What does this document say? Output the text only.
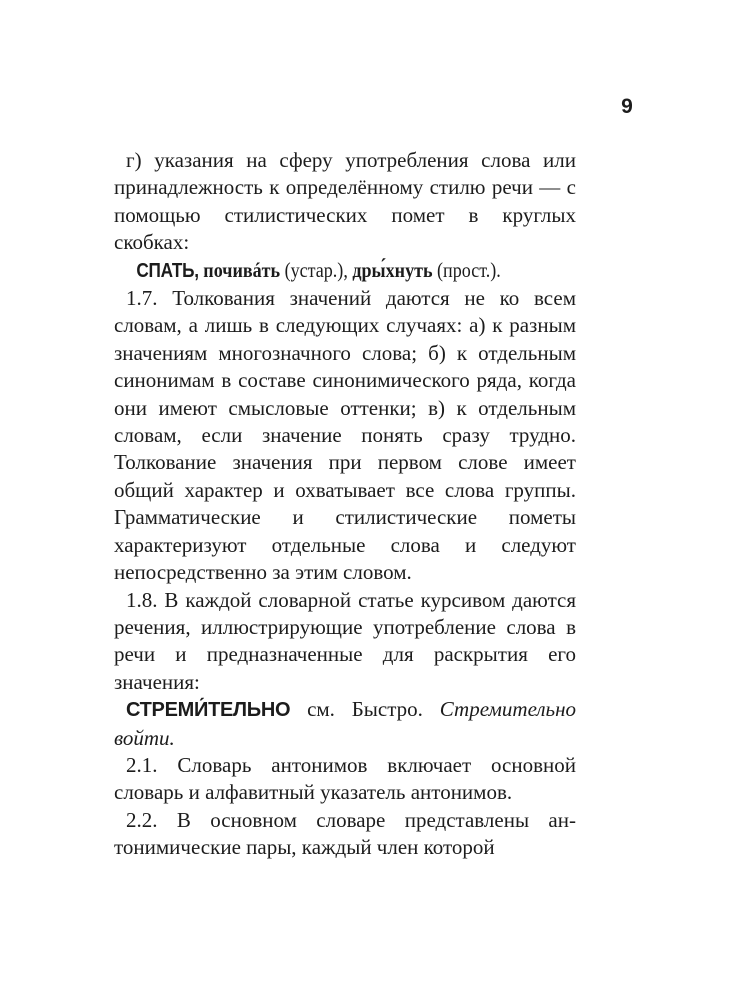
9

г) указания на сферу употребления слова или принадлежность к определённому стилю речи — с помощью стилистических помет в круглых скобках:

СПАТЬ, почивáть (устар.), дры́хнуть (прост.).

1.7. Толкования значений даются не ко всем словам, а лишь в следующих случаях: а) к разным значениям многозначного слова; б) к отдельным синонимам в составе синонимического ряда, когда они имеют смысловые оттенки; в) к отдельным словам, если значение понять сразу трудно. Толкование значения при первом слове имеет общий характер и охватывает все слова группы. Грамматические и стилистические пометы характеризуют отдельные слова и следуют непосредственно за этим словом.

1.8. В каждой словарной статье курсивом даются речения, иллюстрирующие употребление слова в речи и предназначенные для раскрытия его значения:

СТРЕМИ́ТЕЛЬНО см. Быстро. Стремительно войти.

2.1. Словарь антонимов включает основной словарь и алфавитный указатель антонимов.

2.2. В основном словаре представлены антонимические пары, каждый член которой
